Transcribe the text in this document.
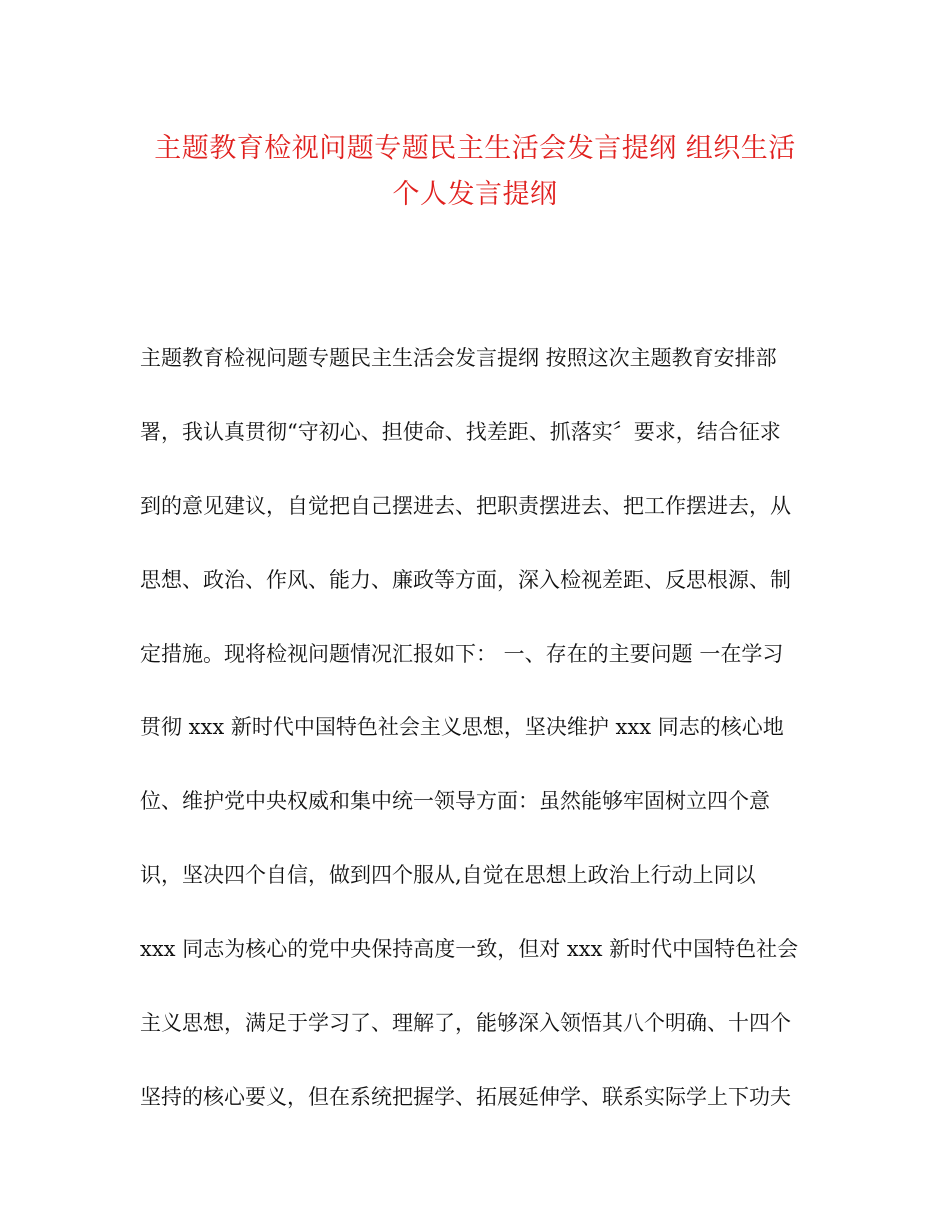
主题教育检视问题专题民主生活会发言提纲 组织生活
个人发言提纲
主题教育检视问题专题民主生活会发言提纲 按照这次主题教育安排部
署，我认真贯彻“守初心、担使命、找差距、抓落实〞要求，结合征求
到的意见建议，自觉把自己摆进去、把职责摆进去、把工作摆进去，从
思想、政治、作风、能力、廉政等方面，深入检视差距、反思根源、制
定措施。现将检视问题情况汇报如下： 一、存在的主要问题 一在学习
贯彻 xxx 新时代中国特色社会主义思想，坚决维护 xxx 同志的核心地
位、维护党中央权威和集中统一领导方面：虽然能够牢固树立四个意
识，坚决四个自信，做到四个服从,自觉在思想上政治上行动上同以
xxx 同志为核心的党中央保持高度一致，但对 xxx 新时代中国特色社会
主义思想，满足于学习了、理解了，能够深入领悟其八个明确、十四个
坚持的核心要义，但在系统把握学、拓展延伸学、联系实际学上下功夫
